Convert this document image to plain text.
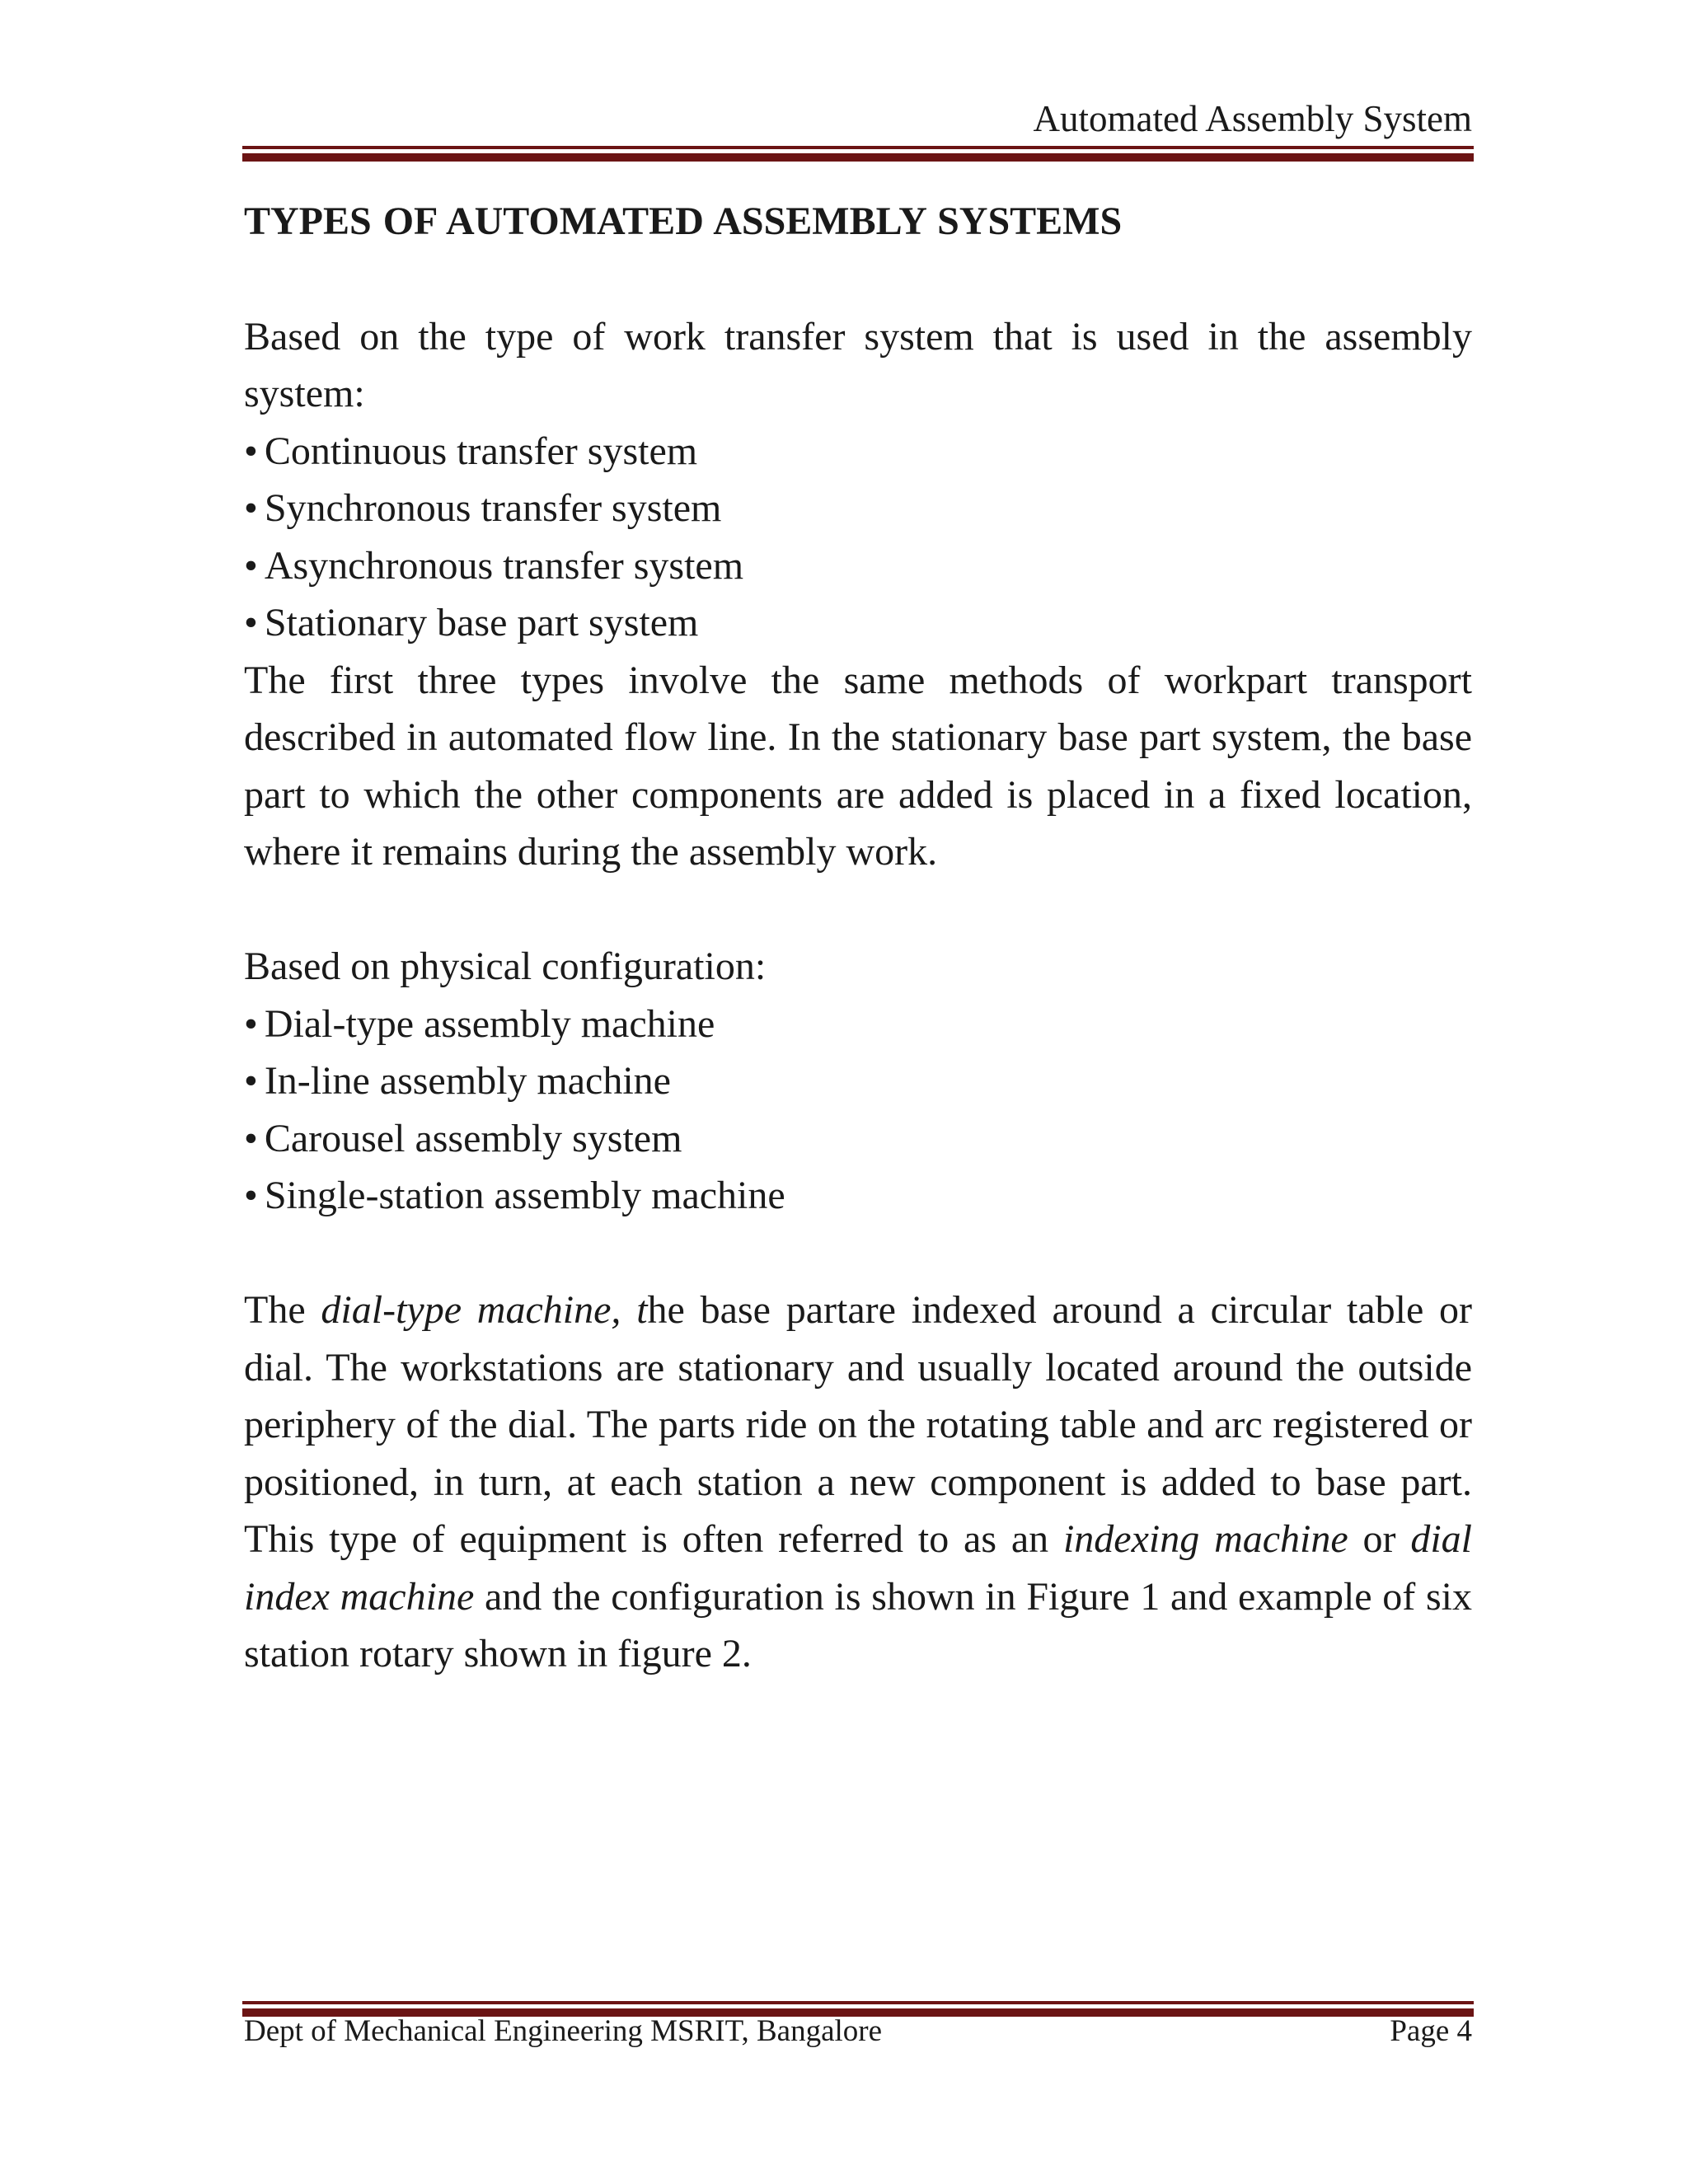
Automated Assembly System
TYPES OF AUTOMATED ASSEMBLY SYSTEMS

Based on the type of work transfer system that is used in the assembly system:

• Continuous transfer system
• Synchronous transfer system
• Asynchronous transfer system
• Stationary base part system

The first three types involve the same methods of workpart transport described in automated flow line. In the stationary base part system, the base part to which the other components are added is placed in a fixed location, where it remains during the assembly work.

Based on physical configuration:

• Dial-type assembly machine
• In-line assembly machine
• Carousel assembly system
• Single-station assembly machine

The dial-type machine, the base partare indexed around a circular table or dial. The workstations are stationary and usually located around the outside periphery of the dial. The parts ride on the rotating table and arc registered or positioned, in turn, at each station a new component is added to base part. This type of equipment is often referred to as an indexing machine or dial index machine and the configuration is shown in Figure 1 and example of six station rotary shown in figure 2.

Dept of Mechanical Engineering MSRIT, Bangalore	Page 4
